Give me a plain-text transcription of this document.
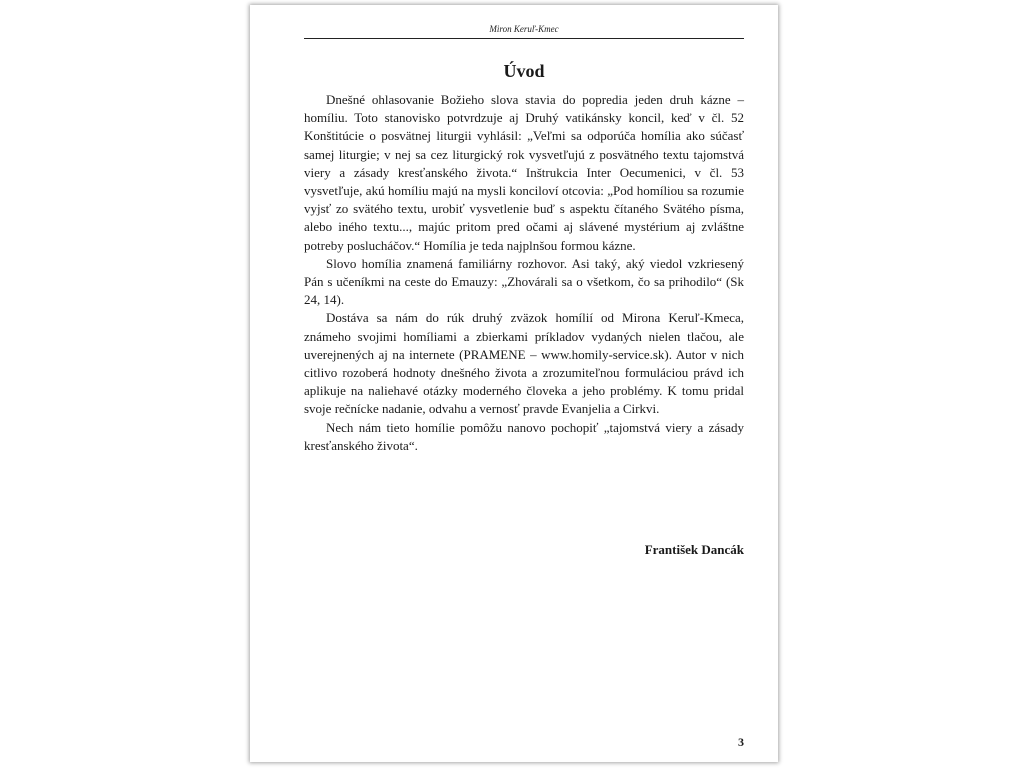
Miron Keruľ-Kmec
Úvod

Dnešné ohlasovanie Božieho slova stavia do popredia jeden druh kázne – homíliu. Toto stanovisko potvrdzuje aj Druhý vatikánsky koncil, keď v čl. 52 Konštitúcie o posvätnej liturgii vyhlásil: „Veľmi sa odporúča homília ako súčasť samej liturgie; v nej sa cez liturgický rok vysvetľujú z posvätného textu tajomstvá viery a zásady kresťanského života.“ Inštrukcia Inter Oecumenici, v čl. 53 vysvetľuje, akú homíliu majú na mysli konciloví otcovia: „Pod homíliou sa rozumie vyjsť zo svätého textu, urobiť vysvetlenie buď s aspektu čítaného Svätého písma, alebo iného textu..., majúc pritom pred očami aj slávené mystérium aj zvláštne potreby poslucháčov.“ Homília je teda najplnšou formou kázne.

Slovo homília znamená familiárny rozhovor. Asi taký, aký viedol vzkriesený Pán s učeníkmi na ceste do Emauzy: „Zhovárali sa o všetkom, čo sa prihodilo“ (Sk 24, 14).

Dostáva sa nám do rúk druhý zväzok homílií od Mirona Keruľ-Kmeca, známeho svojimi homíliami a zbierkami príkladov vydaných nielen tlačou, ale uverejnených aj na internete (PRAMENE – www.homily-service.sk). Autor v nich citlivo rozoberá hodnoty dnešného života a zrozumiteľnou formuláciou právd ich aplikuje na naliehavé otázky moderného človeka a jeho problémy. K tomu pridal svoje rečnícke nadanie, odvahu a vernosť pravde Evanjelia a Cirkvi.

Nech nám tieto homílie pomôžu nanovo pochopiť „tajomstvá viery a zásady kresťanského života“.

František Dancák
3
